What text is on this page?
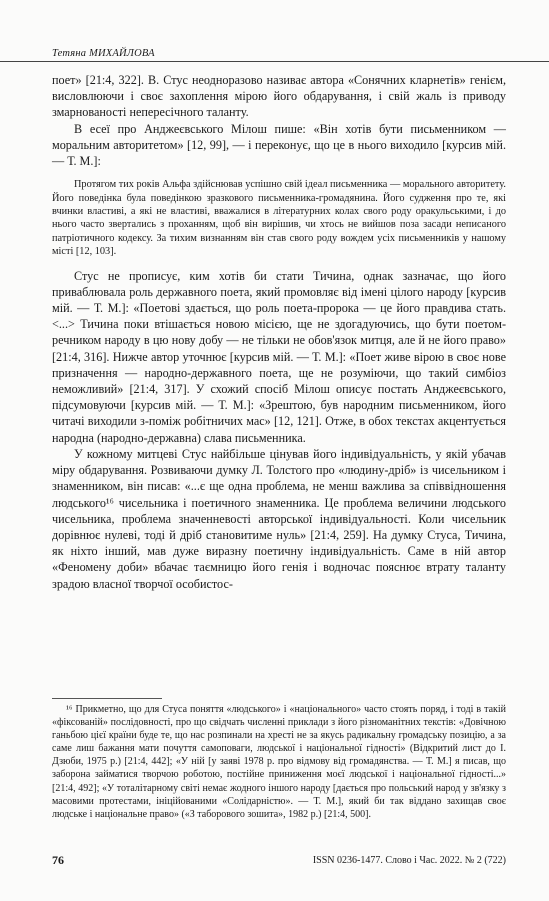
Тетяна МИХАЙЛОВА

поет» [21:4, 322]. В. Стус неодноразово називає автора «Сонячних кларнетів» генієм, висловлюючи і своє захоплення мірою його обдарування, і свій жаль із приводу змарнованості непересічного таланту.

В есеї про Анджеєвського Мілош пише: «Він хотів бути письменником — моральним авторитетом» [12, 99], — і переконує, що це в нього виходило [курсив мій. — Т. М.]:

Протягом тих років Альфа здійснював успішно свій ідеал письменника — морального авторитету. Його поведінка була поведінкою зразкового письменника-громадянина. Його судження про те, які вчинки властиві, а які не властиві, вважалися в літературних колах свого роду оракульськими, і до нього часто звертались з проханням, щоб він вирішив, чи хтось не вийшов поза засади неписаного патріотичного кодексу. За тихим визнанням він став свого роду вождем усіх письменників у нашому місті [12, 103].

Стус не прописує, ким хотів би стати Тичина, однак зазначає, що його приваблювала роль державного поета, який промовляє від імені цілого народу [курсив мій. — Т. М.]: «Поетові здається, що роль поета-пророка — це його правдива стать. <...> Тичина поки втішається новою місією, ще не здогадуючись, що бути поетом-речником народу в цю нову добу — не тільки не обов'язок митця, але й не його право» [21:4, 316]. Нижче автор уточнює [курсив мій. — Т. М.]: «Поет живе вірою в своє нове призначення — народно-державного поета, ще не розуміючи, що такий симбіоз неможливий» [21:4, 317]. У схожий спосіб Мілош описує постать Анджеєвського, підсумовуючи [курсив мій. — Т. М.]: «Зрештою, був народним письменником, його читачі виходили з-поміж робітничих мас» [12, 121]. Отже, в обох текстах акцентується народна (народно-державна) слава письменника.

У кожному митцеві Стус найбільше цінував його індивідуальність, у якій убачав міру обдарування. Розвиваючи думку Л. Толстого про «людину-дріб» із чисельником і знаменником, він писав: «...є ще одна проблема, не менш важлива за співвідношення людського¹⁶ чисельника і поетичного знаменника. Це проблема величини людського чисельника, проблема значенневості авторської індивідуальності. Коли чисельник дорівнює нулеві, тоді й дріб становитиме нуль» [21:4, 259]. На думку Стуса, Тичина, як ніхто інший, мав дуже виразну поетичну індивідуальність. Саме в ній автор «Феномену доби» вбачає таємницю його генія і водночас пояснює втрату таланту зрадою власної творчої особистос-

¹⁶ Прикметно, що для Стуса поняття «людського» і «національного» часто стоять поряд, і тоді в такій «фіксованій» послідовності, про що свідчать численні приклади з його різноманітних текстів: «Довічною ганьбою цієї країни буде те, що нас розпинали на хресті не за якусь радикальну громадську позицію, а за саме лиш бажання мати почуття самоповаги, людської і національної гідності» (Відкритий лист до І. Дзюби, 1975 р.) [21:4, 442]; «У ній [у заяві 1978 р. про відмову від громадянства. — Т. М.] я писав, що заборона займатися творчою роботою, постійне приниження моєї людської і національної гідності...» [21:4, 492]; «У тоталітарному світі немає жодного іншого народу [дається про польський народ у зв'язку з масовими протестами, ініційованими «Солідарністю». — Т. М.], який би так віддано захищав своє людське і національне право» («З таборового зошита», 1982 р.) [21:4, 500].

76	ISSN 0236-1477. Слово і Час. 2022. № 2 (722)
